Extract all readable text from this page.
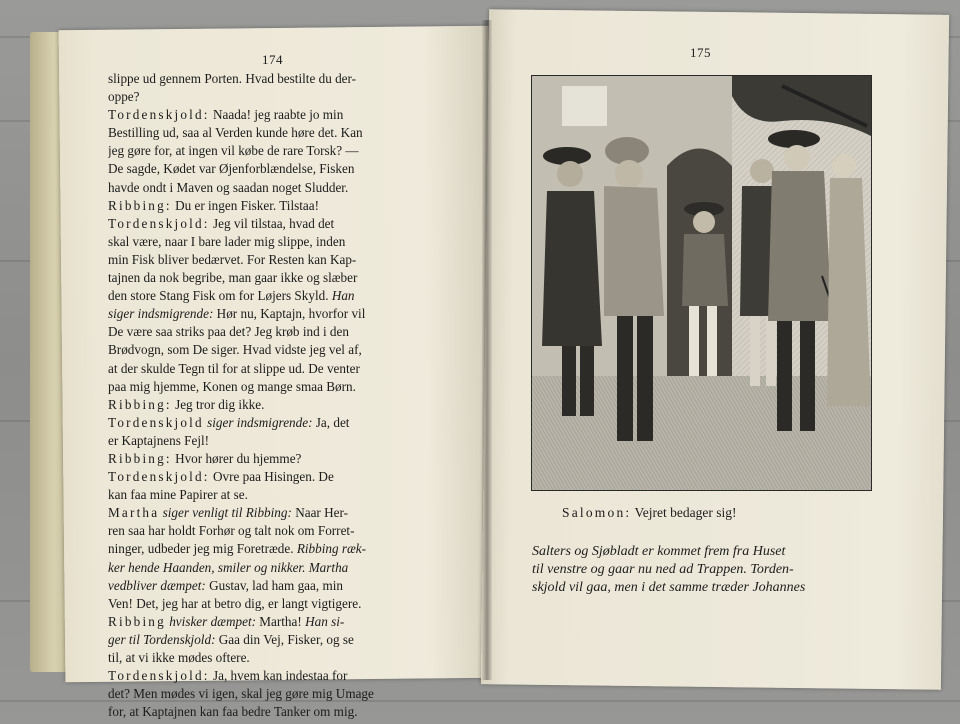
174	175
slippe ud gennem Porten. Hvad bestilte du der-
oppe?
Tordenskjold: Naada! jeg raabte jo min
Bestilling ud, saa al Verden kunde høre det. Kan
jeg gøre for, at ingen vil købe de rare Torsk? —
De sagde, Kødet var Øjenforblændelse, Fisken
havde ondt i Maven og saadan noget Sludder.
Ribbing: Du er ingen Fisker. Tilstaa!
Tordenskjold: Jeg vil tilstaa, hvad det
skal være, naar I bare lader mig slippe, inden
min Fisk bliver bedærvet. For Resten kan Kap-
tajnen da nok begribe, man gaar ikke og slæber
den store Stang Fisk om for Løjers Skyld. Han
siger indsmigrende: Hør nu, Kaptajn, hvorfor vil
De være saa striks paa det? Jeg krøb ind i den
Brødvogn, som De siger. Hvad vidste jeg vel af,
at der skulde Tegn til for at slippe ud. De venter
paa mig hjemme, Konen og mange smaa Børn.
Ribbing: Jeg tror dig ikke.
Tordenskjold siger indsmigrende: Ja, det
er Kaptajnens Fejl!
Ribbing: Hvor hører du hjemme?
Tordenskjold: Ovre paa Hisingen. De
kan faa mine Papirer at se.
Martha siger venligt til Ribbing: Naar Her-
ren saa har holdt Forhør og talt nok om Forret-
ninger, udbeder jeg mig Foretræde. Ribbing ræk-
ker hende Haanden, smiler og nikker. Martha
vedbliver dæmpet: Gustav, lad ham gaa, min
Ven! Det, jeg har at betro dig, er langt vigtigere.
Ribbing hvisker dæmpet: Martha! Han si-
ger til Tordenskjold: Gaa din Vej, Fisker, og se
til, at vi ikke mødes oftere.
Tordenskjold: Ja, hvem kan indestaa for
det? Men mødes vi igen, skal jeg gøre mig Umage
for, at Kaptajnen kan faa bedre Tanker om mig.
Salomon: Vejret bedager sig!
Salters og Sjøbladt er kommet frem fra Huset
til venstre og gaar nu ned ad Trappen. Torden-
skjold vil gaa, men i det samme træder Johannes
